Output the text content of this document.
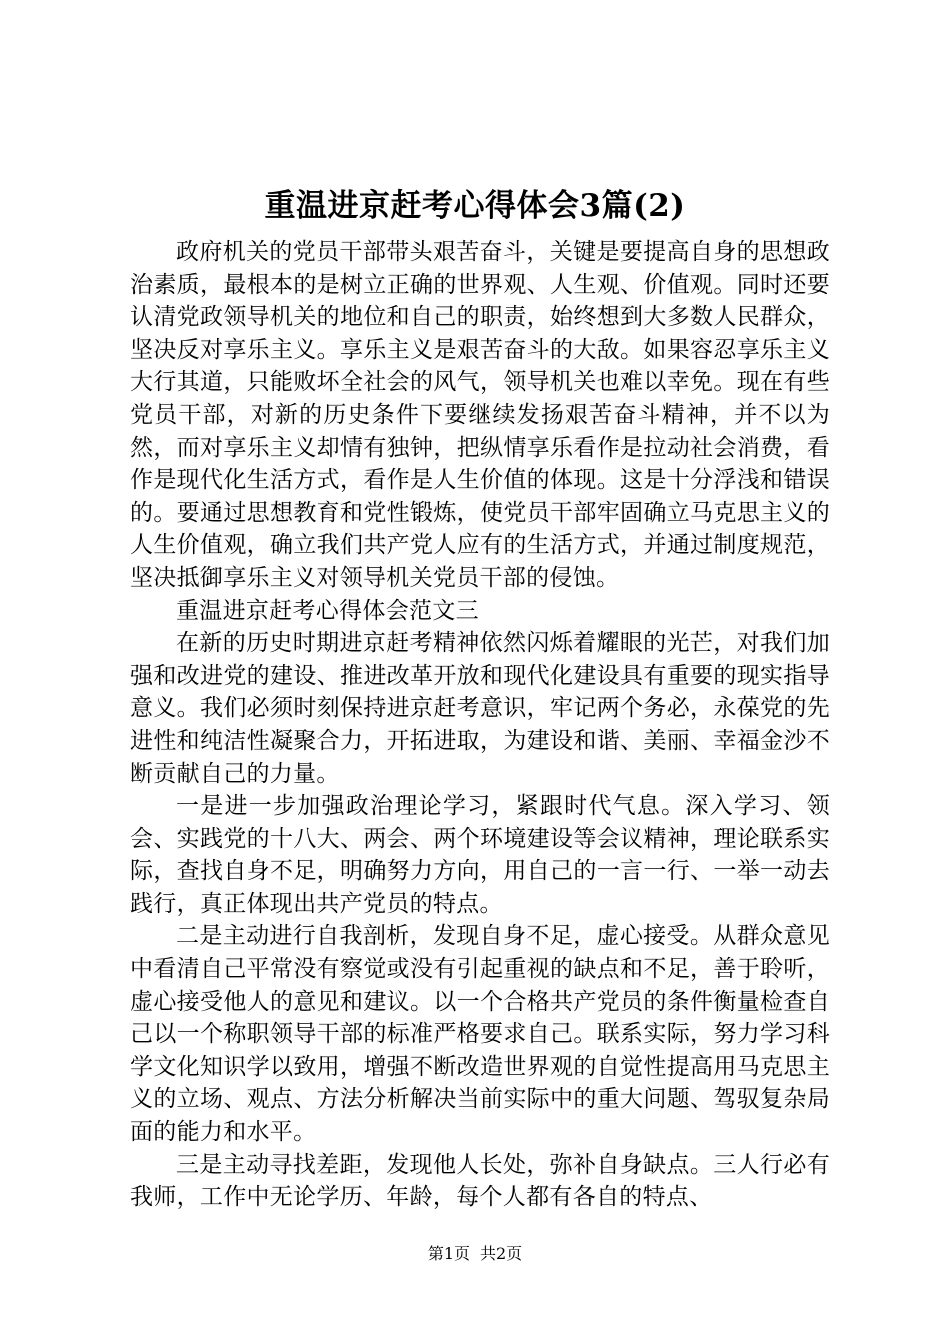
重温进京赶考心得体会3篇(2)

政府机关的党员干部带头艰苦奋斗，关键是要提高自身的思想政治素质，最根本的是树立正确的世界观、人生观、价值观。同时还要认清党政领导机关的地位和自己的职责，始终想到大多数人民群众，坚决反对享乐主义。享乐主义是艰苦奋斗的大敌。如果容忍享乐主义大行其道，只能败坏全社会的风气，领导机关也难以幸免。现在有些党员干部，对新的历史条件下要继续发扬艰苦奋斗精神，并不以为然，而对享乐主义却情有独钟，把纵情享乐看作是拉动社会消费，看作是现代化生活方式，看作是人生价值的体现。这是十分浮浅和错误的。要通过思想教育和党性锻炼，使党员干部牢固确立马克思主义的人生价值观，确立我们共产党人应有的生活方式，并通过制度规范，坚决抵御享乐主义对领导机关党员干部的侵蚀。

重温进京赶考心得体会范文三

在新的历史时期进京赶考精神依然闪烁着耀眼的光芒，对我们加强和改进党的建设、推进改革开放和现代化建设具有重要的现实指导意义。我们必须时刻保持进京赶考意识，牢记两个务必，永葆党的先进性和纯洁性凝聚合力，开拓进取，为建设和谐、美丽、幸福金沙不断贡献自己的力量。

一是进一步加强政治理论学习，紧跟时代气息。深入学习、领会、实践党的十八大、两会、两个环境建设等会议精神，理论联系实际，查找自身不足，明确努力方向，用自己的一言一行、一举一动去践行，真正体现出共产党员的特点。

二是主动进行自我剖析，发现自身不足，虚心接受。从群众意见中看清自己平常没有察觉或没有引起重视的缺点和不足，善于聆听，虚心接受他人的意见和建议。以一个合格共产党员的条件衡量检查自己以一个称职领导干部的标准严格要求自己。联系实际，努力学习科学文化知识学以致用，增强不断改造世界观的自觉性提高用马克思主义的立场、观点、方法分析解决当前实际中的重大问题、驾驭复杂局面的能力和水平。

三是主动寻找差距，发现他人长处，弥补自身缺点。三人行必有我师，工作中无论学历、年龄，每个人都有各自的特点、

第1页 共2页
